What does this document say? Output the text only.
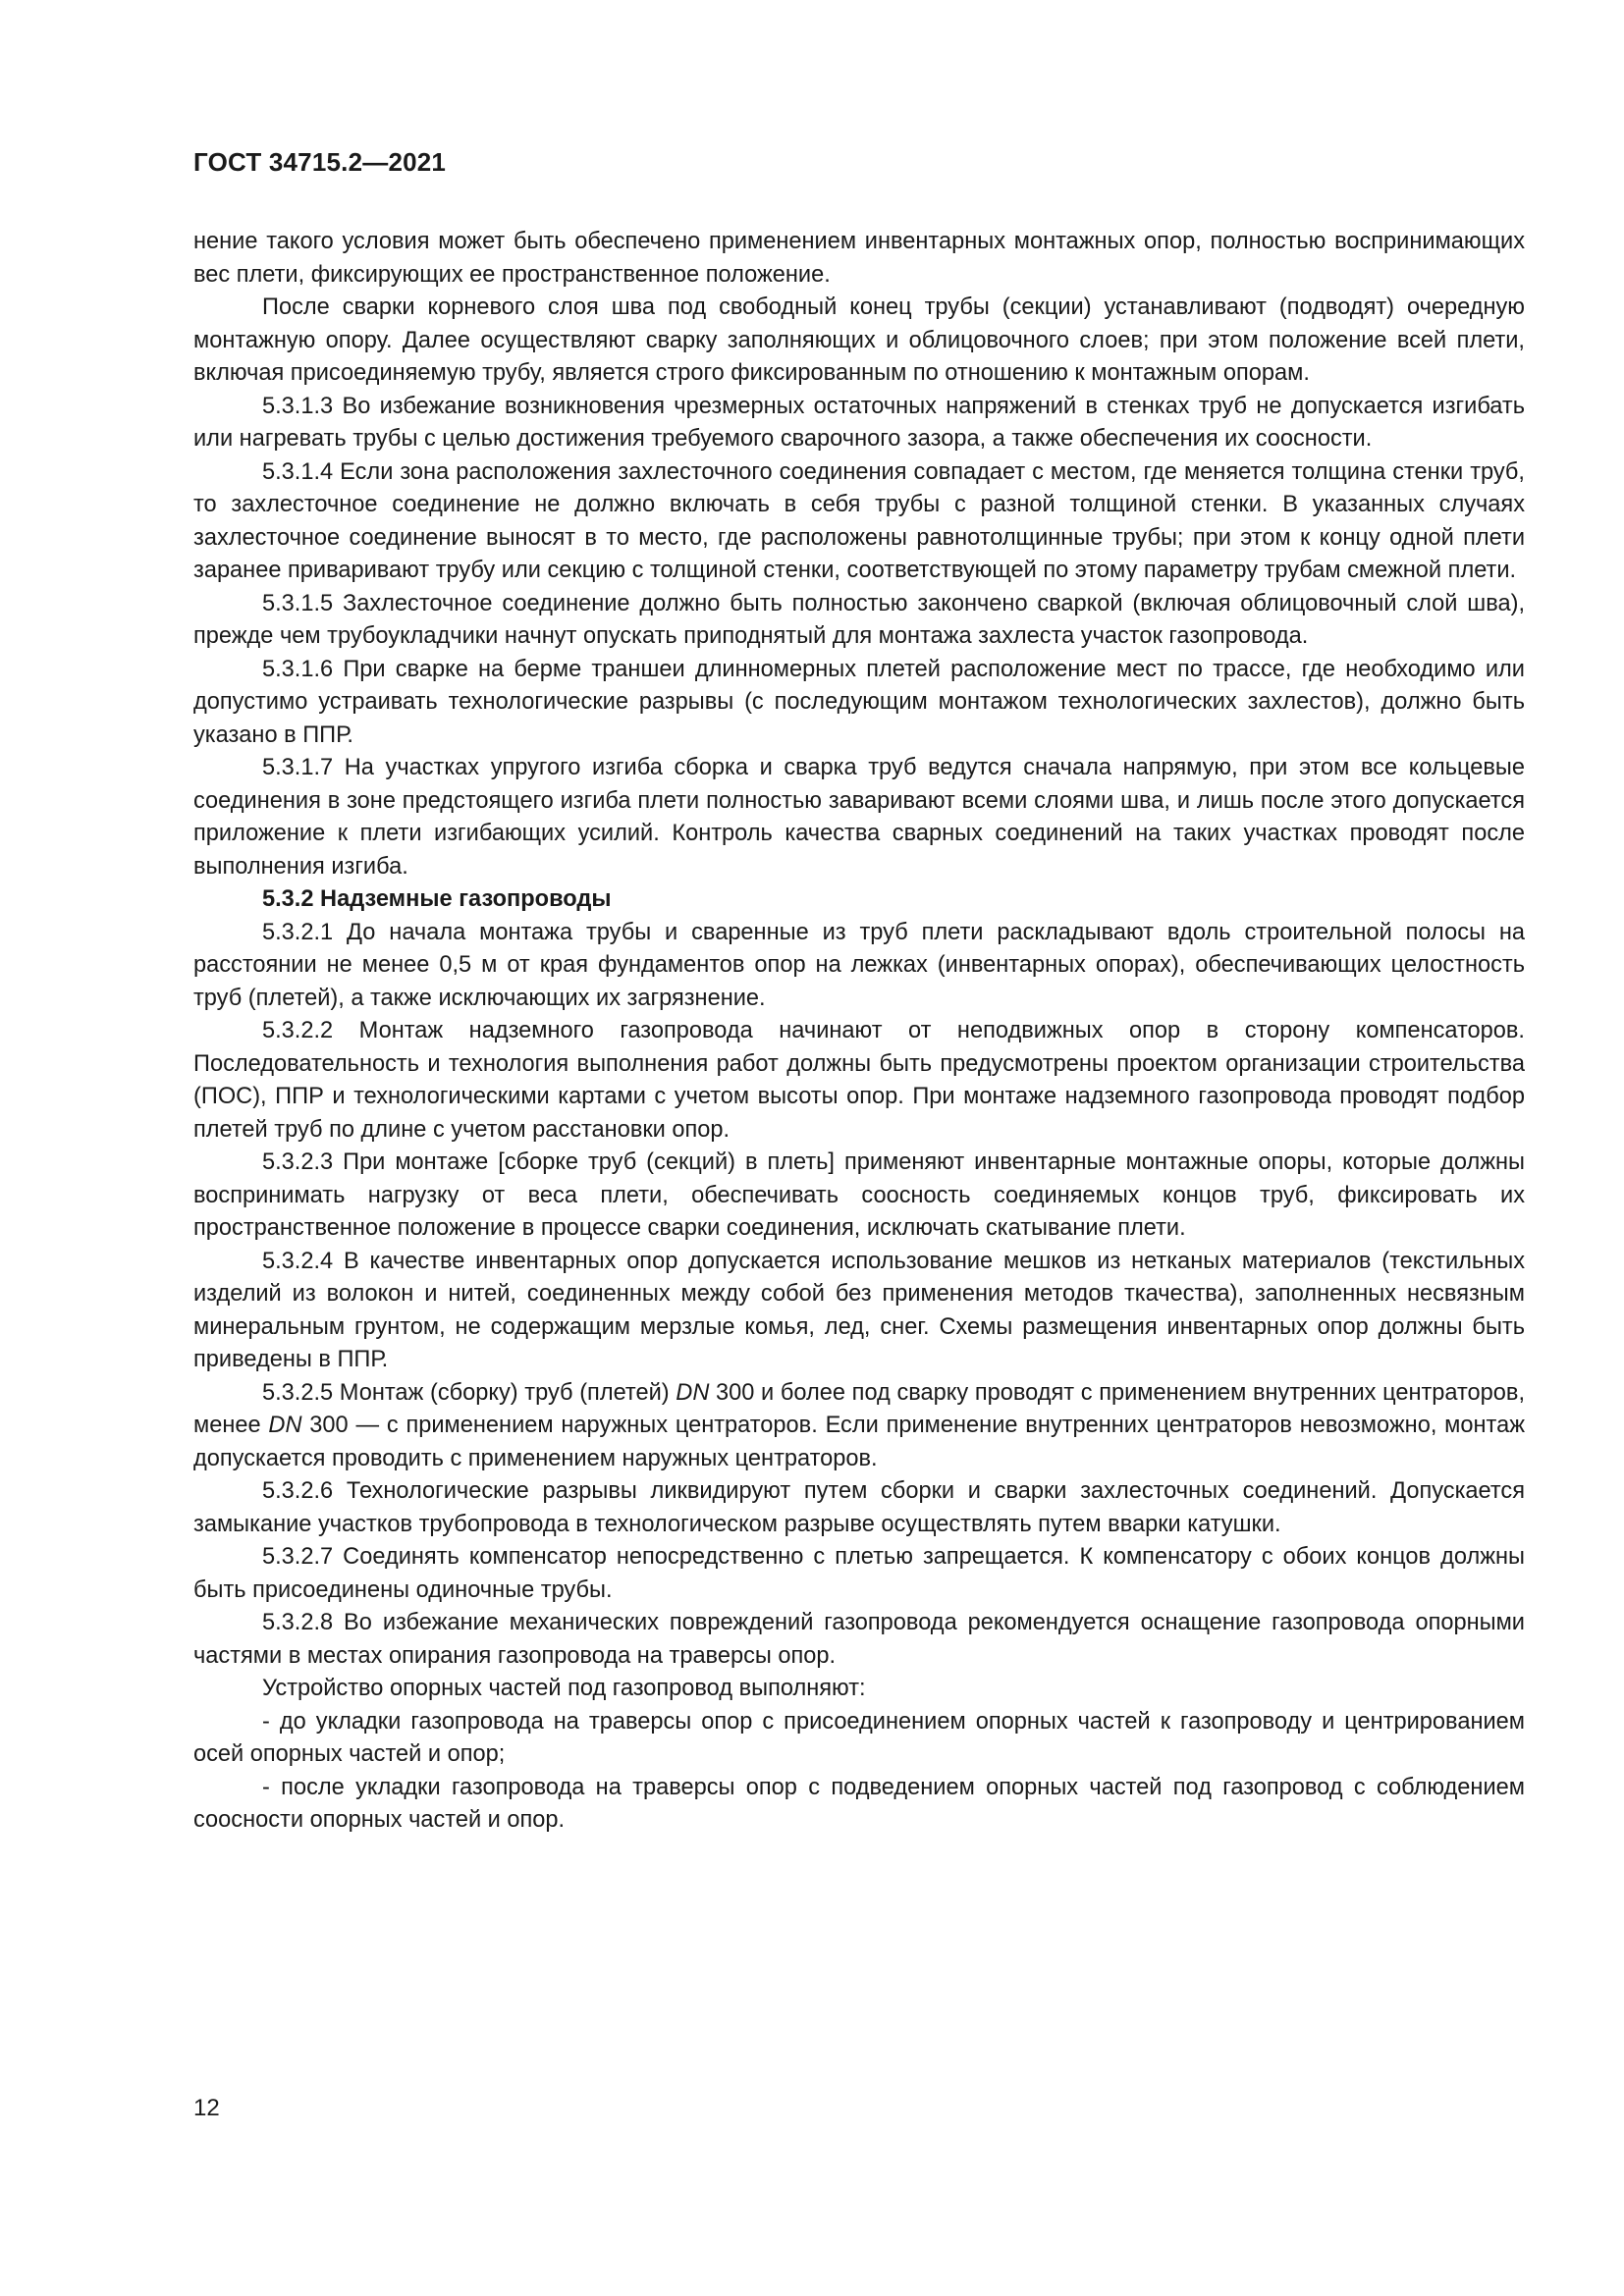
ГОСТ 34715.2—2021

нение такого условия может быть обеспечено применением инвентарных монтажных опор, полностью воспринимающих вес плети, фиксирующих ее пространственное положение.

После сварки корневого слоя шва под свободный конец трубы (секции) устанавливают (подводят) очередную монтажную опору. Далее осуществляют сварку заполняющих и облицовочного слоев; при этом положение всей плети, включая присоединяемую трубу, является строго фиксированным по отношению к монтажным опорам.

5.3.1.3 Во избежание возникновения чрезмерных остаточных напряжений в стенках труб не допускается изгибать или нагревать трубы с целью достижения требуемого сварочного зазора, а также обеспечения их соосности.

5.3.1.4 Если зона расположения захлесточного соединения совпадает с местом, где меняется толщина стенки труб, то захлесточное соединение не должно включать в себя трубы с разной толщиной стенки. В указанных случаях захлесточное соединение выносят в то место, где расположены равнотолщинные трубы; при этом к концу одной плети заранее приваривают трубу или секцию с толщиной стенки, соответствующей по этому параметру трубам смежной плети.

5.3.1.5 Захлесточное соединение должно быть полностью закончено сваркой (включая облицовочный слой шва), прежде чем трубоукладчики начнут опускать приподнятый для монтажа захлеста участок газопровода.

5.3.1.6 При сварке на берме траншеи длинномерных плетей расположение мест по трассе, где необходимо или допустимо устраивать технологические разрывы (с последующим монтажом технологических захлестов), должно быть указано в ППР.

5.3.1.7 На участках упругого изгиба сборка и сварка труб ведутся сначала напрямую, при этом все кольцевые соединения в зоне предстоящего изгиба плети полностью заваривают всеми слоями шва, и лишь после этого допускается приложение к плети изгибающих усилий. Контроль качества сварных соединений на таких участках проводят после выполнения изгиба.

5.3.2 Надземные газопроводы

5.3.2.1 До начала монтажа трубы и сваренные из труб плети раскладывают вдоль строительной полосы на расстоянии не менее 0,5 м от края фундаментов опор на лежках (инвентарных опорах), обеспечивающих целостность труб (плетей), а также исключающих их загрязнение.

5.3.2.2 Монтаж надземного газопровода начинают от неподвижных опор в сторону компенсаторов. Последовательность и технология выполнения работ должны быть предусмотрены проектом организации строительства (ПОС), ППР и технологическими картами с учетом высоты опор. При монтаже надземного газопровода проводят подбор плетей труб по длине с учетом расстановки опор.

5.3.2.3 При монтаже [сборке труб (секций) в плеть] применяют инвентарные монтажные опоры, которые должны воспринимать нагрузку от веса плети, обеспечивать соосность соединяемых концов труб, фиксировать их пространственное положение в процессе сварки соединения, исключать скатывание плети.

5.3.2.4 В качестве инвентарных опор допускается использование мешков из нетканых материалов (текстильных изделий из волокон и нитей, соединенных между собой без применения методов ткачества), заполненных несвязным минеральным грунтом, не содержащим мерзлые комья, лед, снег. Схемы размещения инвентарных опор должны быть приведены в ППР.

5.3.2.5 Монтаж (сборку) труб (плетей) DN 300 и более под сварку проводят с применением внутренних центраторов, менее DN 300 — с применением наружных центраторов. Если применение внутренних центраторов невозможно, монтаж допускается проводить с применением наружных центраторов.

5.3.2.6 Технологические разрывы ликвидируют путем сборки и сварки захлесточных соединений. Допускается замыкание участков трубопровода в технологическом разрыве осуществлять путем вварки катушки.

5.3.2.7 Соединять компенсатор непосредственно с плетью запрещается. К компенсатору с обоих концов должны быть присоединены одиночные трубы.

5.3.2.8 Во избежание механических повреждений газопровода рекомендуется оснащение газопровода опорными частями в местах опирания газопровода на траверсы опор.

Устройство опорных частей под газопровод выполняют:

- до укладки газопровода на траверсы опор с присоединением опорных частей к газопроводу и центрированием осей опорных частей и опор;

- после укладки газопровода на траверсы опор с подведением опорных частей под газопровод с соблюдением соосности опорных частей и опор.

12
